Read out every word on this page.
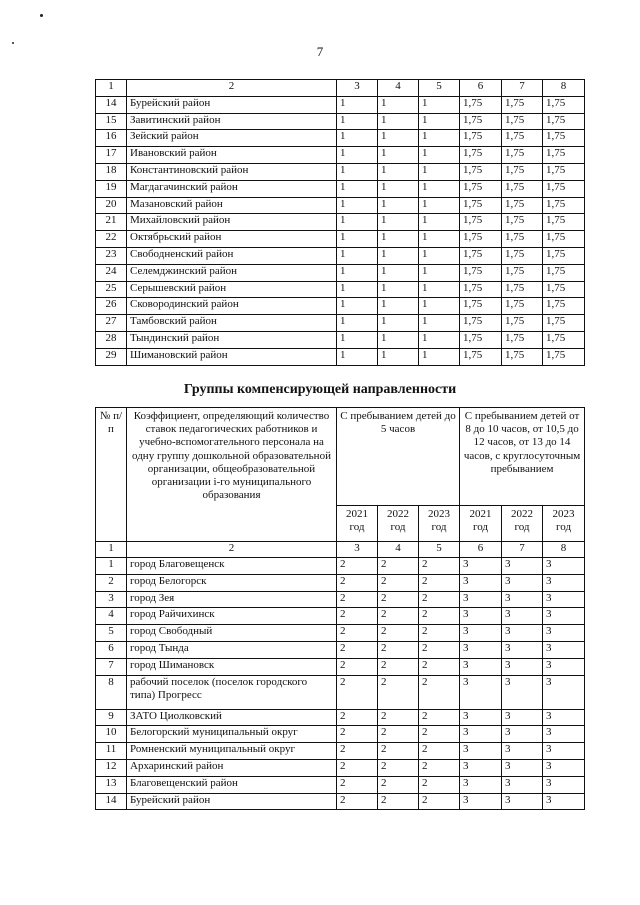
7
1	2	3	4	5	6	7	8
14	Бурейский район	1	1	1	1,75	1,75	1,75
15	Завитинский район	1	1	1	1,75	1,75	1,75
16	Зейский район	1	1	1	1,75	1,75	1,75
17	Ивановский район	1	1	1	1,75	1,75	1,75
18	Константиновский район	1	1	1	1,75	1,75	1,75
19	Магдагачинский район	1	1	1	1,75	1,75	1,75
20	Мазановский район	1	1	1	1,75	1,75	1,75
21	Михайловский район	1	1	1	1,75	1,75	1,75
22	Октябрьский район	1	1	1	1,75	1,75	1,75
23	Свободненский район	1	1	1	1,75	1,75	1,75
24	Селемджинский район	1	1	1	1,75	1,75	1,75
25	Серышевский район	1	1	1	1,75	1,75	1,75
26	Сковородинский район	1	1	1	1,75	1,75	1,75
27	Тамбовский район	1	1	1	1,75	1,75	1,75
28	Тындинский район	1	1	1	1,75	1,75	1,75
29	Шимановский район	1	1	1	1,75	1,75	1,75
Группы компенсирующей направленности
№ п/п	Коэффициент, определяющий количество ставок педагогических работников и учебно-вспомогательного персонала на одну группу дошкольной образовательной организации, общеобразовательной организации i-го муниципального образования	С пребыванием детей до 5 часов			С пребыванием детей от 8 до 10 часов, от 10,5 до 12 часов, от 13 до 14 часов, с круглосуточным пребыванием		
		2021 год	2022 год	2023 год	2021 год	2022 год	2023 год
1	2	3	4	5	6	7	8
1	город Благовещенск	2	2	2	3	3	3
2	город Белогорск	2	2	2	3	3	3
3	город Зея	2	2	2	3	3	3
4	город Райчихинск	2	2	2	3	3	3
5	город Свободный	2	2	2	3	3	3
6	город Тында	2	2	2	3	3	3
7	город Шимановск	2	2	2	3	3	3
8	рабочий поселок (поселок городского типа) Прогресс	2	2	2	3	3	3
9	ЗАТО Циолковский	2	2	2	3	3	3
10	Белогорский муниципальный округ	2	2	2	3	3	3
11	Ромненский муниципальный округ	2	2	2	3	3	3
12	Архаринский район	2	2	2	3	3	3
13	Благовещенский район	2	2	2	3	3	3
14	Бурейский район	2	2	2	3	3	3
